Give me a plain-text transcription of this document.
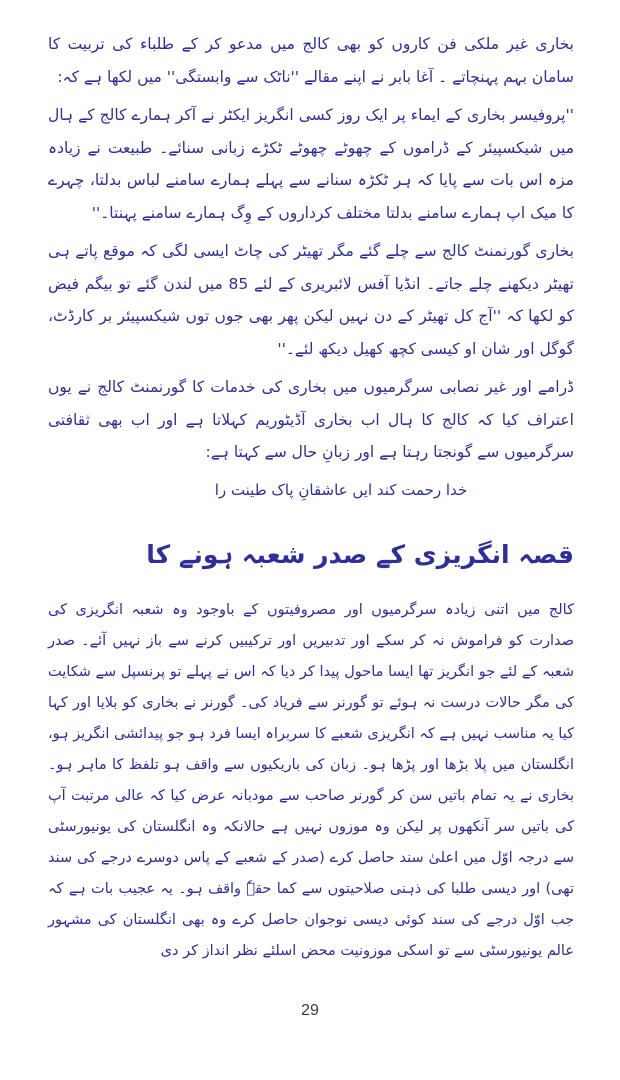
بخاری غیر ملکی فن کاروں کو بھی کالج میں مدعو کر کے طلباء کی تربیت کا سامان بہم پہنچاتے ۔ آغا بابر نے اپنے مقالے ''ناٹک سے وابستگی'' میں لکھا ہے کہ:

''پروفیسر بخاری کے ایماء پر ایک روز کسی انگریز ایکٹر نے آکر ہمارے کالج کے ہال میں شیکسپیئر کے ڈراموں کے چھوٹے چھوٹے ٹکڑے زبانی سنائے۔ طبیعت نے زیادہ مزہ اس بات سے پایا کہ ہر ٹکڑہ سنانے سے پہلے ہمارے سامنے لباس بدلتا، چہرے کا میک اپ ہمارے سامنے بدلتا مختلف کرداروں کے وِگ ہمارے سامنے پہنتا۔''

بخاری گورنمنٹ کالج سے چلے گئے مگر تھیٹر کی چاٹ ایسی لگی کہ موقع پاتے ہی تھیٹر دیکھنے چلے جاتے۔ انڈیا آفس لائبریری کے لئے 85 میں لندن گئے تو بیگم فیض کو لکھا کہ ''آج کل تھیٹر کے دن نہیں لیکن پھر بھی جوں توں شیکسپیئر بر کارڈٹ، گوگل اور شان او کیسی کچھ کھیل دیکھ لئے۔''

ڈرامے اور غیر نصابی سرگرمیوں میں بخاری کی خدمات کا گورنمنٹ کالج نے یوں اعتراف کیا کہ کالج کا ہال اب بخاری آڈیٹوریم کہلاتا ہے اور اب بھی ثقافتی سرگرمیوں سے گونجتا رہتا ہے اور زبانِ حال سے کہتا ہے:

خدا رحمت کند ایں عاشقانِ پاک طینت را
قصہ انگریزی کے صدر شعبہ ہونے کا

کالج میں اتنی زیادہ سرگرمیوں اور مصروفیتوں کے باوجود وہ شعبہ انگریزی کی صدارت کو فراموش نہ کر سکے اور تدبیریں اور ترکیبیں کرنے سے باز نہیں آئے۔ صدر شعبہ کے لئے جو انگریز تھا ایسا ماحول پیدا کر دیا کہ اس نے پہلے تو پرنسپل سے شکایت کی مگر حالات درست نہ ہوئے تو گورنر سے فریاد کی۔ گورنر نے بخاری کو بلایا اور کہا کیا یہ مناسب نہیں ہے کہ انگریزی شعبے کا سربراہ ایسا فرد ہو جو پیدائشی انگریز ہو، انگلستان میں پلا بڑھا اور پڑھا ہو۔ زبان کی باریکیوں سے واقف ہو تلفظ کا ماہر ہو۔ بخاری نے یہ تمام باتیں سن کر گورنر صاحب سے مودبانہ عرض کیا کہ عالی مرتبت آپ کی باتیں سر آنکھوں پر لیکن وہ موزوں نہیں ہے حالانکہ وہ انگلستان کی یونیورسٹی سے درجہ اوّل میں اعلیٰ سند حاصل کرے (صدر کے شعبے کے پاس دوسرے درجے کی سند تھی) اور دیسی طلبا کی ذہنی صلاحیتوں سے کما حقہٗ واقف ہو۔ یہ عجیب بات ہے کہ جب اوّل درجے کی سند کوئی دیسی نوجوان حاصل کرے وہ بھی انگلستان کی مشہور عالم یونیورسٹی سے تو اسکی موزونیت محض اسلئے نظر انداز کر دی

29
